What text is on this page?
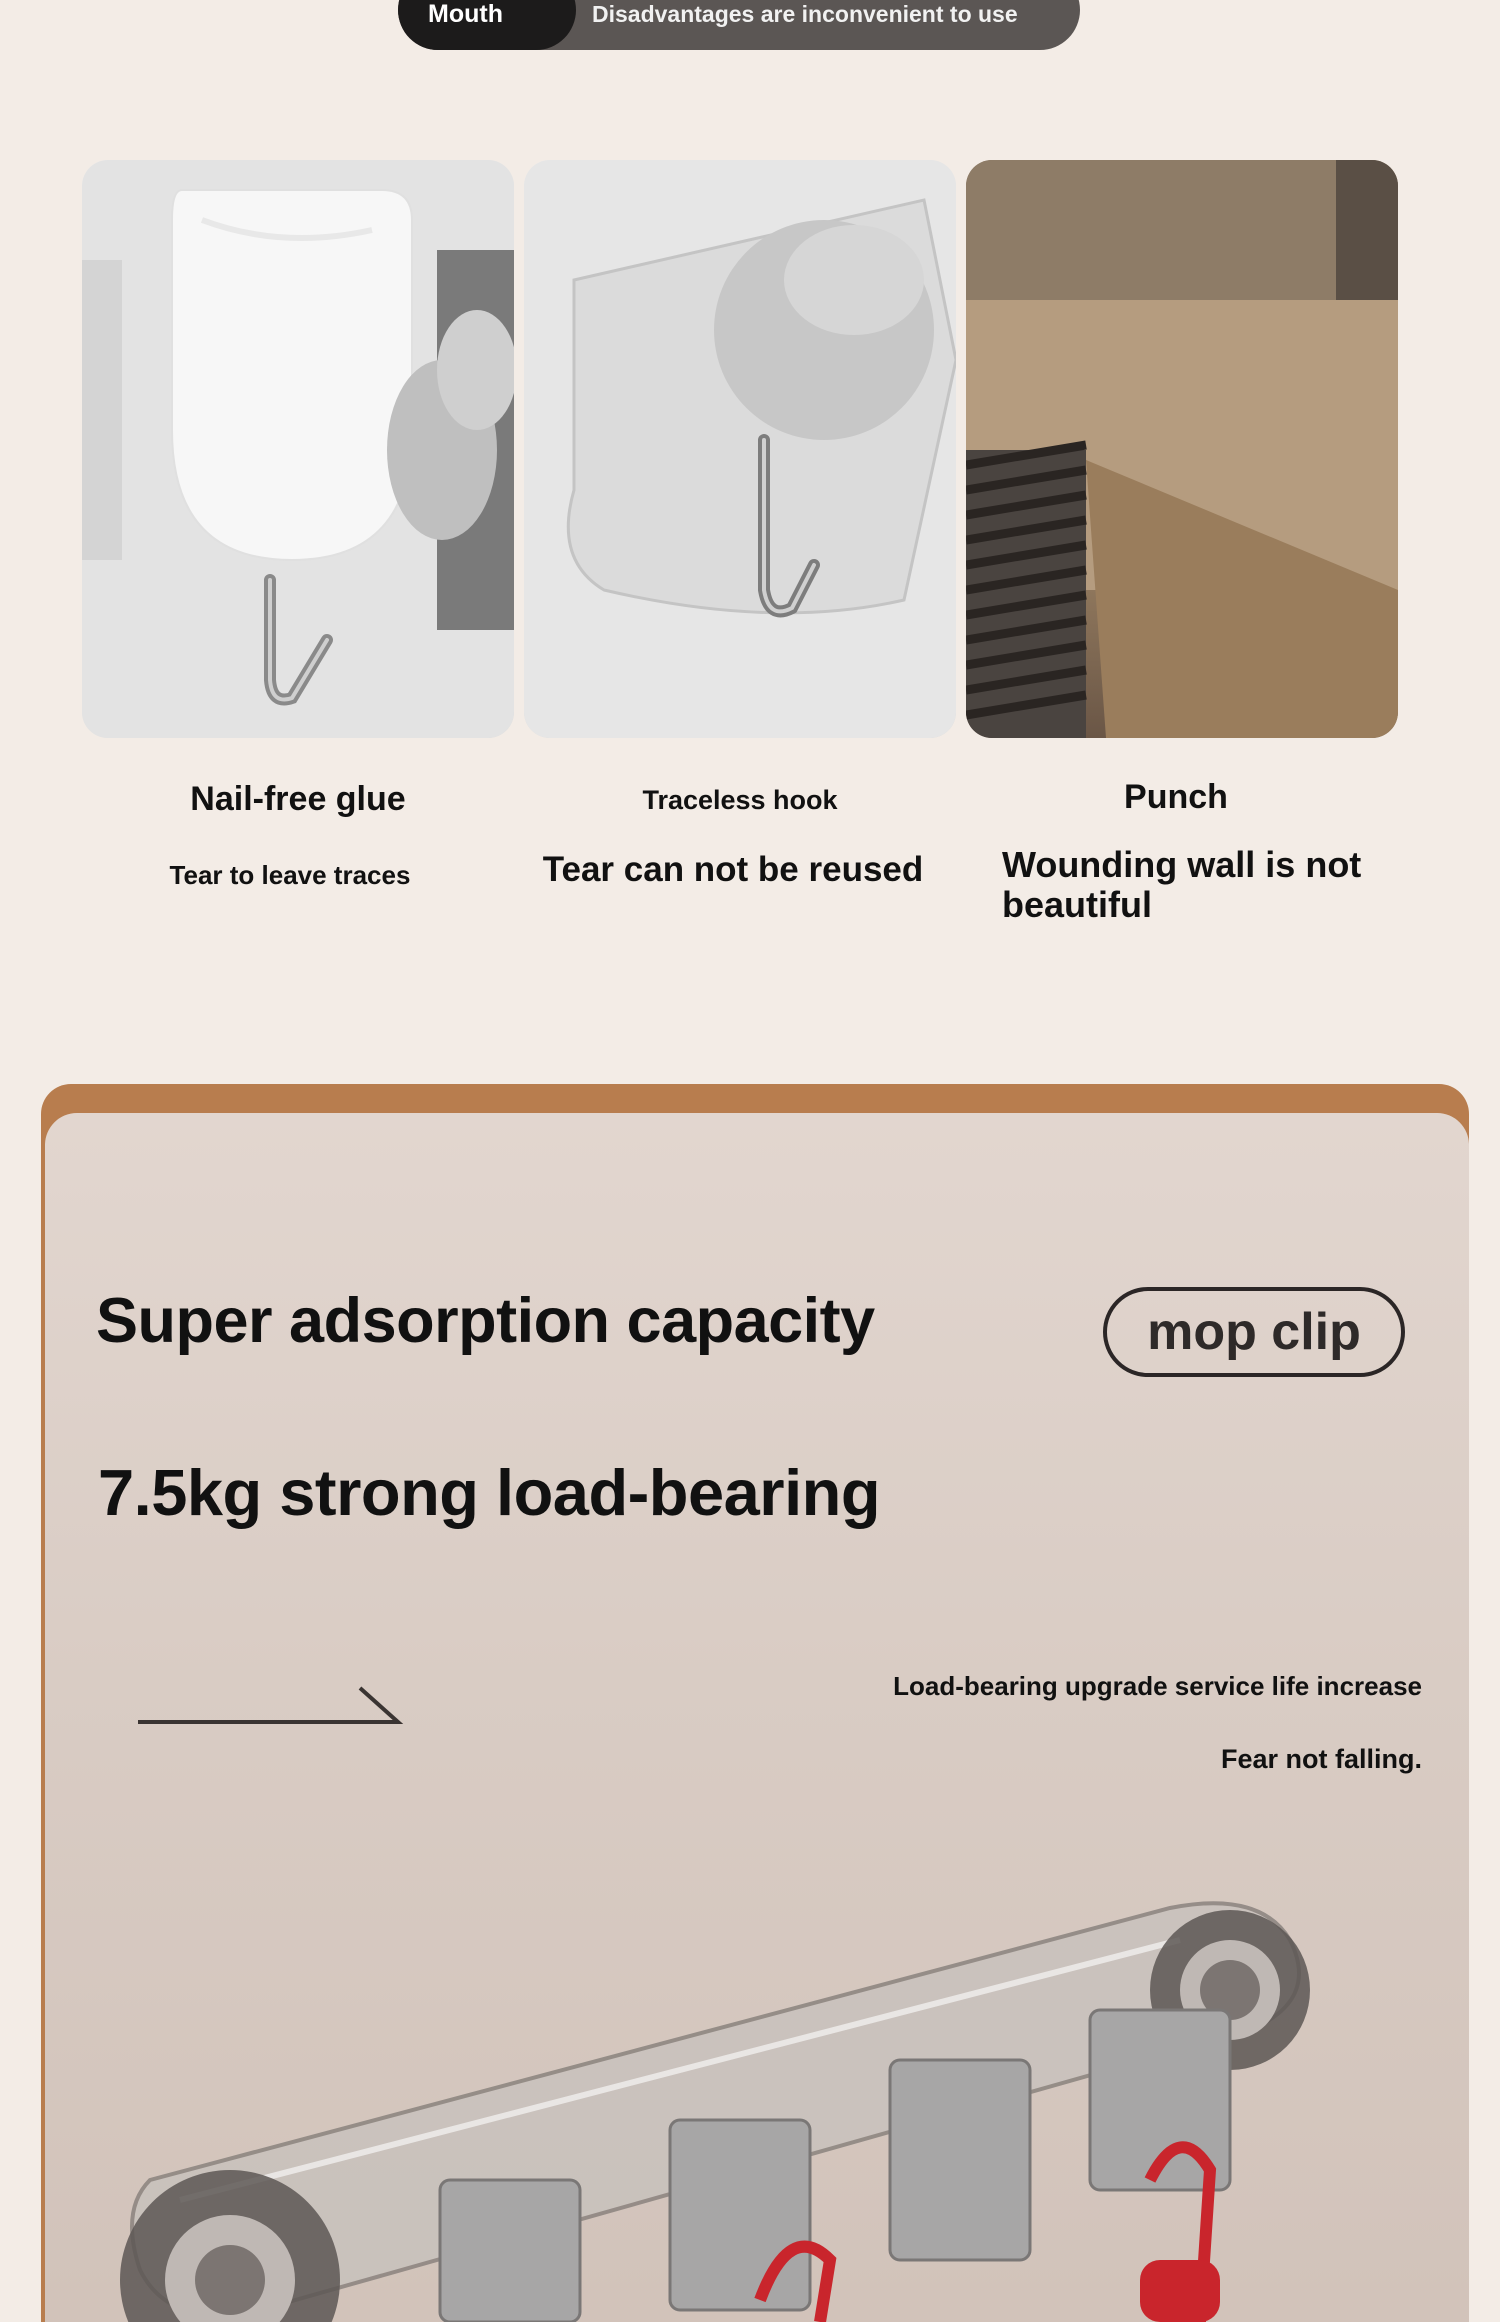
Mouth	Disadvantages are inconvenient to use
Nail-free glue
Tear to leave traces
Traceless hook
Tear can not be reused
Punch
Wounding wall is not beautiful
Super adsorption capacity	mop clip
7.5kg strong load-bearing
Load-bearing upgrade service life increase
Fear not falling.
